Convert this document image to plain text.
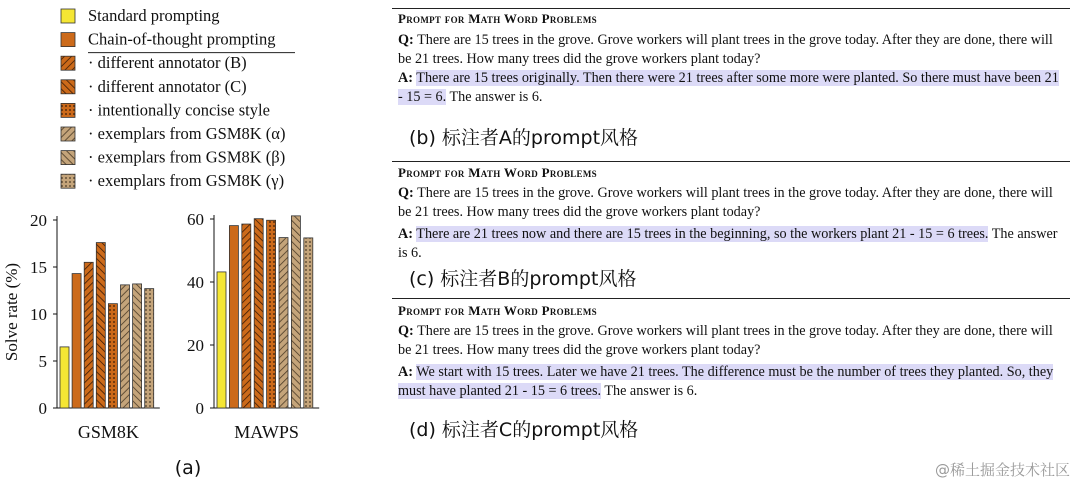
Standard prompting
Chain-of-thought prompting
· different annotator (B)
· different annotator (C)
· intentionally concise style
· exemplars from GSM8K (α)
· exemplars from GSM8K (β)
· exemplars from GSM8K (γ)
0
5
10
15
20
GSM8K
0
20
40
60
MAWPS
Solve rate (%)
(a)
Prompt for Math Word Problems
Q: There are 15 trees in the grove. Grove workers will plant trees in the grove today. After they are done, there will be 21 trees. How many trees did the grove workers plant today?
A: There are 15 trees originally. Then there were 21 trees after some more were planted. So there must have been 21 - 15 = 6. The answer is 6.
(b) 标注者A的prompt风格
Prompt for Math Word Problems
Q: There are 15 trees in the grove. Grove workers will plant trees in the grove today. After they are done, there will be 21 trees. How many trees did the grove workers plant today?
A: There are 21 trees now and there are 15 trees in the beginning, so the workers plant 21 - 15 = 6 trees. The answer is 6.
(c) 标注者B的prompt风格
Prompt for Math Word Problems
Q: There are 15 trees in the grove. Grove workers will plant trees in the grove today. After they are done, there will be 21 trees. How many trees did the grove workers plant today?
A: We start with 15 trees. Later we have 21 trees. The difference must be the number of trees they planted. So, they must have planted 21 - 15 = 6 trees. The answer is 6.
(d) 标注者C的prompt风格
@稀土掘金技术社区
